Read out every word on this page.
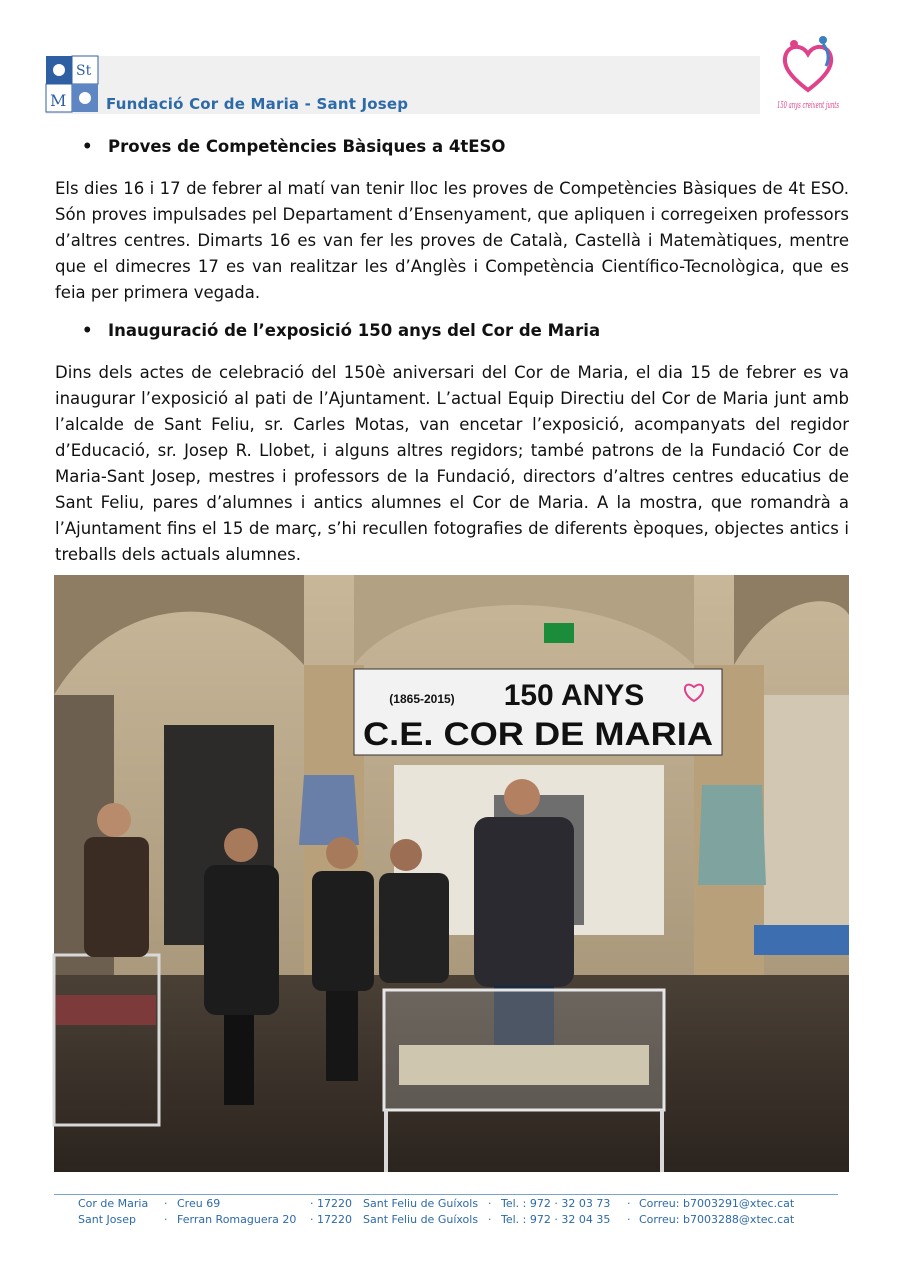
St
M	Fundació Cor de Maria - Sant Josep	150 anys creixent junts
• Proves de Competències Bàsiques a 4tESO
Els dies 16 i 17 de febrer al matí van tenir lloc les proves de Competències Bàsiques de 4t ESO. Són proves impulsades pel Departament d’Ensenyament, que apliquen i corregeixen professors d’altres centres. Dimarts 16 es van fer les proves de Català, Castellà i Matemàtiques, mentre que el dimecres 17 es van realitzar les d’Anglès i Competència Científico-Tecnològica, que es feia per primera vegada.
• Inauguració de l’exposició 150 anys del Cor de Maria
Dins dels actes de celebració del 150è aniversari del Cor de Maria, el dia 15 de febrer es va inaugurar l’exposició al pati de l’Ajuntament. L’actual Equip Directiu del Cor de Maria junt amb l’alcalde de Sant Feliu, sr. Carles Motas, van encetar l’exposició, acompanyats del regidor d’Educació, sr. Josep R. Llobet, i alguns altres regidors; també patrons de la Fundació Cor de Maria-Sant Josep, mestres i professors de la Fundació, directors d’altres centres educatius de Sant Feliu, pares d’alumnes i antics alumnes el Cor de Maria. A la mostra, que romandrà a l’Ajuntament fins el 15 de març, s’hi recullen fotografies de diferents èpoques, objectes antics i treballs dels actuals alumnes.
(1865-2015) 150 ANYS
C.E. COR DE MARIA
Cor de Maria · Creu 69	· 17220 Sant Feliu de Guíxols · Tel. : 972 · 32 03 73 · Correu: b7003291@xtec.cat
Sant Josep	· Ferran Romaguera 20 · 17220 Sant Feliu de Guíxols · Tel. : 972 · 32 04 35 · Correu: b7003288@xtec.cat
